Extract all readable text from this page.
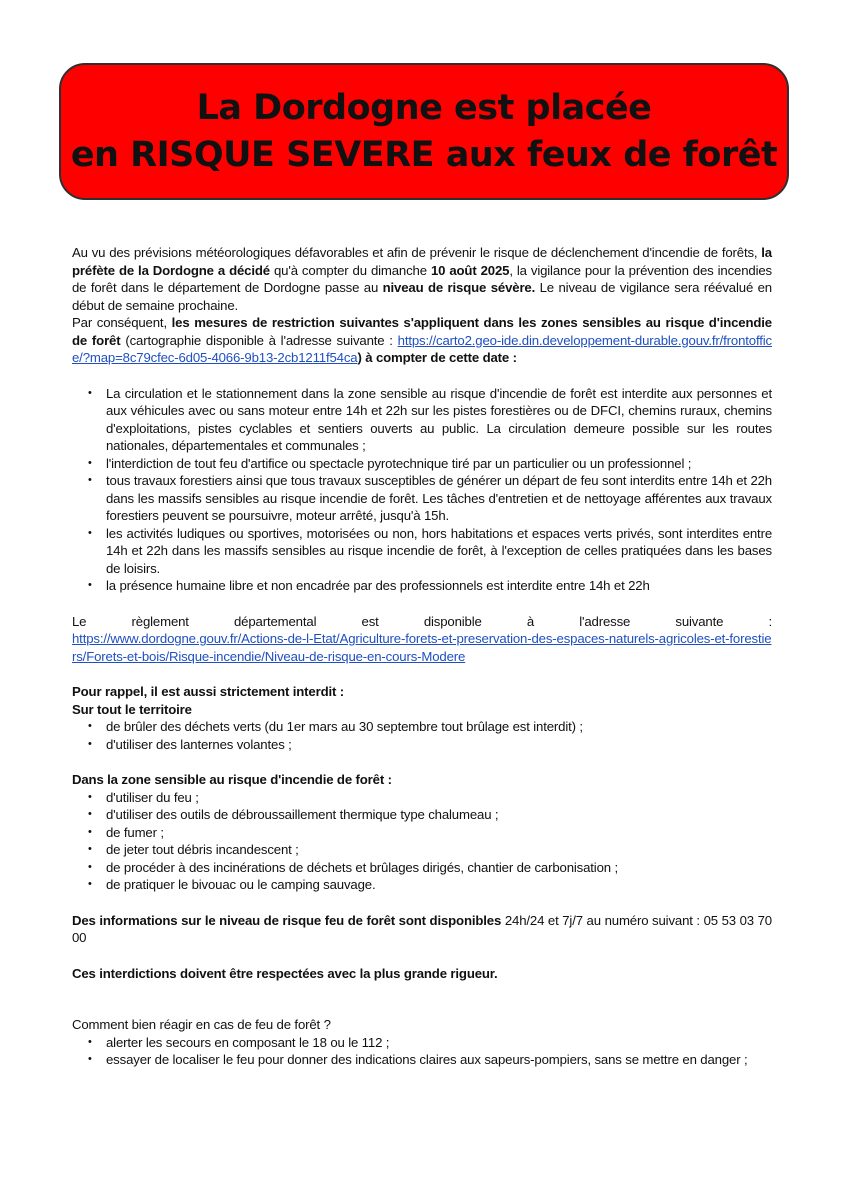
La Dordogne est placée
en RISQUE SEVERE aux feux de forêt

Au vu des prévisions météorologiques défavorables et afin de prévenir le risque de déclenchement d'incendie de forêts, la préfète de la Dordogne a décidé qu'à compter du dimanche 10 août 2025, la vigilance pour la prévention des incendies de forêt dans le département de Dordogne passe au niveau de risque sévère. Le niveau de vigilance sera réévalué en début de semaine prochaine.

Par conséquent, les mesures de restriction suivantes s'appliquent dans les zones sensibles au risque d'incendie de forêt (cartographie disponible à l'adresse suivante : https://carto2.geo-ide.din.developpement-durable.gouv.fr/frontoffice/?map=8c79cfec-6d05-4066-9b13-2cb1211f54ca) à compter de cette date :

• La circulation et le stationnement dans la zone sensible au risque d'incendie de forêt est interdite aux personnes et aux véhicules avec ou sans moteur entre 14h et 22h sur les pistes forestières ou de DFCI, chemins ruraux, chemins d'exploitations, pistes cyclables et sentiers ouverts au public. La circulation demeure possible sur les routes nationales, départementales et communales ;
• l'interdiction de tout feu d'artifice ou spectacle pyrotechnique tiré par un particulier ou un professionnel ;
• tous travaux forestiers ainsi que tous travaux susceptibles de générer un départ de feu sont interdits entre 14h et 22h dans les massifs sensibles au risque incendie de forêt. Les tâches d'entretien et de nettoyage afférentes aux travaux forestiers peuvent se poursuivre, moteur arrêté, jusqu'à 15h.
• les activités ludiques ou sportives, motorisées ou non, hors habitations et espaces verts privés, sont interdites entre 14h et 22h dans les massifs sensibles au risque incendie de forêt, à l'exception de celles pratiquées dans les bases de loisirs.
• la présence humaine libre et non encadrée par des professionnels est interdite entre 14h et 22h

Le règlement départemental est disponible à l'adresse suivante :

https://www.dordogne.gouv.fr/Actions-de-l-Etat/Agriculture-forets-et-preservation-des-espaces-naturels-agricoles-et-forestiers/Forets-et-bois/Risque-incendie/Niveau-de-risque-en-cours-Modere

Pour rappel, il est aussi strictement interdit :

Sur tout le territoire

• de brûler des déchets verts (du 1er mars au 30 septembre tout brûlage est interdit) ;
• d'utiliser des lanternes volantes ;

Dans la zone sensible au risque d'incendie de forêt :

• d'utiliser du feu ;
• d'utiliser des outils de débroussaillement thermique type chalumeau ;
• de fumer ;
• de jeter tout débris incandescent ;
• de procéder à des incinérations de déchets et brûlages dirigés, chantier de carbonisation ;
• de pratiquer le bivouac ou le camping sauvage.

Des informations sur le niveau de risque feu de forêt sont disponibles 24h/24 et 7j/7 au numéro suivant : 05 53 03 70 00

Ces interdictions doivent être respectées avec la plus grande rigueur.

Comment bien réagir en cas de feu de forêt ?

• alerter les secours en composant le 18 ou le 112 ;
• essayer de localiser le feu pour donner des indications claires aux sapeurs-pompiers, sans se mettre en danger ;
